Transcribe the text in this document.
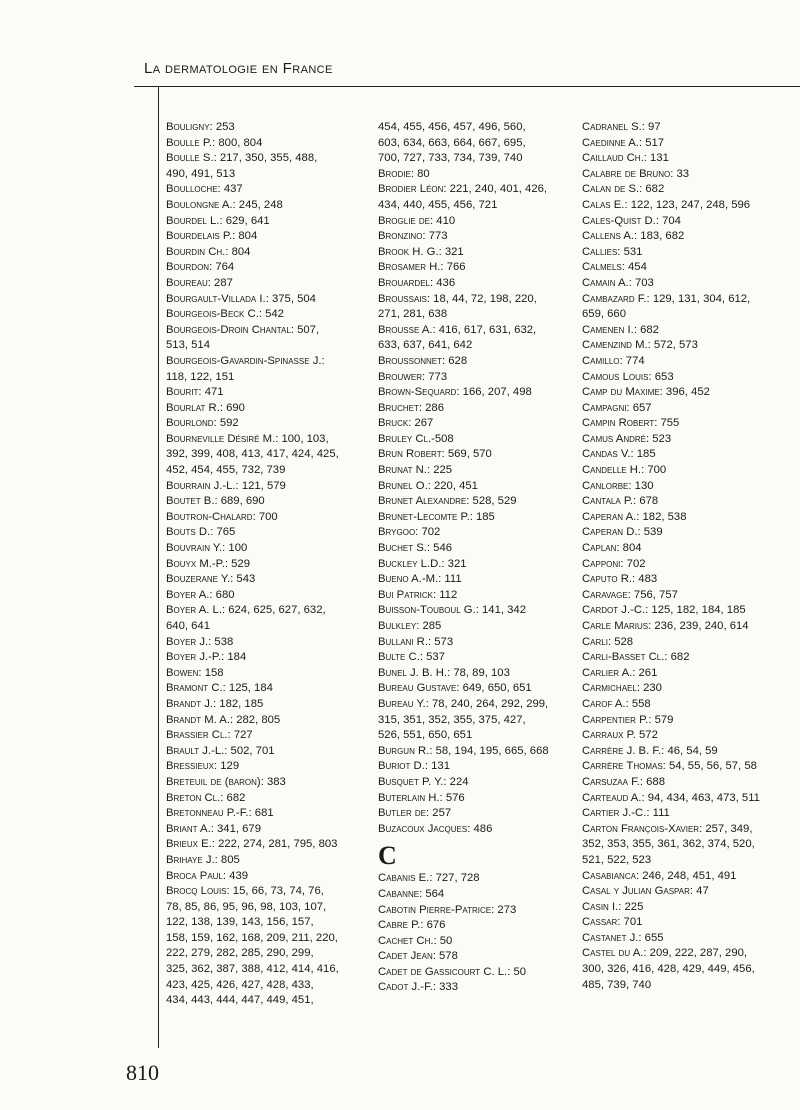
La dermatologie en France

Bouligny: 253

Boulle P.: 800, 804

Boulle S.: 217, 350, 355, 488,

490, 491, 513

Boulloche: 437

Boulongne A.: 245, 248

Bourdel L.: 629, 641

Bourdelais P.: 804

Bourdin Ch.: 804

Bourdon: 764

Boureau: 287

Bourgault-Villada I.: 375, 504

Bourgeois-Beck C.: 542

Bourgeois-Droin Chantal: 507,

513, 514

Bourgeois-Gavardin-Spinasse J.:

118, 122, 151

Bourit: 471

Bourlat R.: 690

Bourlond: 592

Bourneville Désiré M.: 100, 103,

392, 399, 408, 413, 417, 424, 425,

452, 454, 455, 732, 739

Bourrain J.-L.: 121, 579

Boutet B.: 689, 690

Boutron-Chalard: 700

Bouts D.: 765

Bouvrain Y.: 100

Bouyx M.-P.: 529

Bouzerane Y.: 543

Boyer A.: 680

Boyer A. L.: 624, 625, 627, 632,

640, 641

Boyer J.: 538

Boyer J.-P.: 184

Bowen: 158

Bramont C.: 125, 184

Brandt J.: 182, 185

Brandt M. A.: 282, 805

Brassier Cl.: 727

Brault J.-L.: 502, 701

Bressieux: 129

Breteuil de (baron): 383

Breton Cl.: 682

Bretonneau P.-F.: 681

Briant A.: 341, 679

Brieux E.: 222, 274, 281, 795, 803

Brihaye J.: 805

Broca Paul: 439

Brocq Louis: 15, 66, 73, 74, 76,

78, 85, 86, 95, 96, 98, 103, 107,

122, 138, 139, 143, 156, 157,

158, 159, 162, 168, 209, 211, 220,

222, 279, 282, 285, 290, 299,

325, 362, 387, 388, 412, 414, 416,

423, 425, 426, 427, 428, 433,

434, 443, 444, 447, 449, 451,

454, 455, 456, 457, 496, 560,

603, 634, 663, 664, 667, 695,

700, 727, 733, 734, 739, 740

Brodie: 80

Brodier Léon: 221, 240, 401, 426,

434, 440, 455, 456, 721

Broglie de: 410

Bronzino: 773

Brook H. G.: 321

Brosamer H.: 766

Brouardel: 436

Broussais: 18, 44, 72, 198, 220,

271, 281, 638

Brousse A.: 416, 617, 631, 632,

633, 637, 641, 642

Broussonnet: 628

Brouwer: 773

Brown-Sequard: 166, 207, 498

Bruchet: 286

Bruck: 267

Bruley Cl.-508

Brun Robert: 569, 570

Brunat N.: 225

Brunel O.: 220, 451

Brunet Alexandre: 528, 529

Brunet-Lecomte P.: 185

Brygoo: 702

Buchet S.: 546

Buckley L.D.: 321

Bueno A.-M.: 111

Bui Patrick: 112

Buisson-Touboul G.: 141, 342

Bulkley: 285

Bullani R.: 573

Bulte C.: 537

Bunel J. B. H.: 78, 89, 103

Bureau Gustave: 649, 650, 651

Bureau Y.: 78, 240, 264, 292, 299,

315, 351, 352, 355, 375, 427,

526, 551, 650, 651

Burgun R.: 58, 194, 195, 665, 668

Buriot D.: 131

Busquet P. Y.: 224

Buterlain H.: 576

Butler de: 257

Buzacoux Jacques: 486

C

Cabanis E.: 727, 728

Cabanne: 564

Cabotin Pierre-Patrice: 273

Cabre P.: 676

Cachet Ch.: 50

Cadet Jean: 578

Cadet de Gassicourt C. L.: 50

Cadot J.-F.: 333

Cadranel S.: 97

Caedinne A.: 517

Caillaud Ch.: 131

Calabre de Bruno: 33

Calan de S.: 682

Calas E.: 122, 123, 247, 248, 596

Cales-Quist D.: 704

Callens A.: 183, 682

Callies: 531

Calmels: 454

Camain A.: 703

Cambazard F.: 129, 131, 304, 612,

659, 660

Camenen I.: 682

Camenzind M.: 572, 573

Camillo: 774

Camous Louis: 653

Camp du Maxime: 396, 452

Campagni: 657

Campin Robert: 755

Camus André: 523

Candas V.: 185

Candelle H.: 700

Canlorbe: 130

Cantala P.: 678

Caperan A.: 182, 538

Caperan D.: 539

Caplan: 804

Capponi: 702

Caputo R.: 483

Caravage: 756, 757

Cardot J.-C.: 125, 182, 184, 185

Carle Marius: 236, 239, 240, 614

Carli: 528

Carli-Basset Cl.: 682

Carlier A.: 261

Carmichael: 230

Carof A.: 558

Carpentier P.: 579

Carraux P. 572

Carrère J. B. F.: 46, 54, 59

Carrère Thomas: 54, 55, 56, 57, 58

Carsuzaa F.: 688

Carteaud A.: 94, 434, 463, 473, 511

Cartier J.-C.: 111

Carton François-Xavier: 257, 349,

352, 353, 355, 361, 362, 374, 520,

521, 522, 523

Casabianca: 246, 248, 451, 491

Casal y Julian Gaspar: 47

Casin I.: 225

Cassar: 701

Castanet J.: 655

Castel du A.: 209, 222, 287, 290,

300, 326, 416, 428, 429, 449, 456,

485, 739, 740

810
